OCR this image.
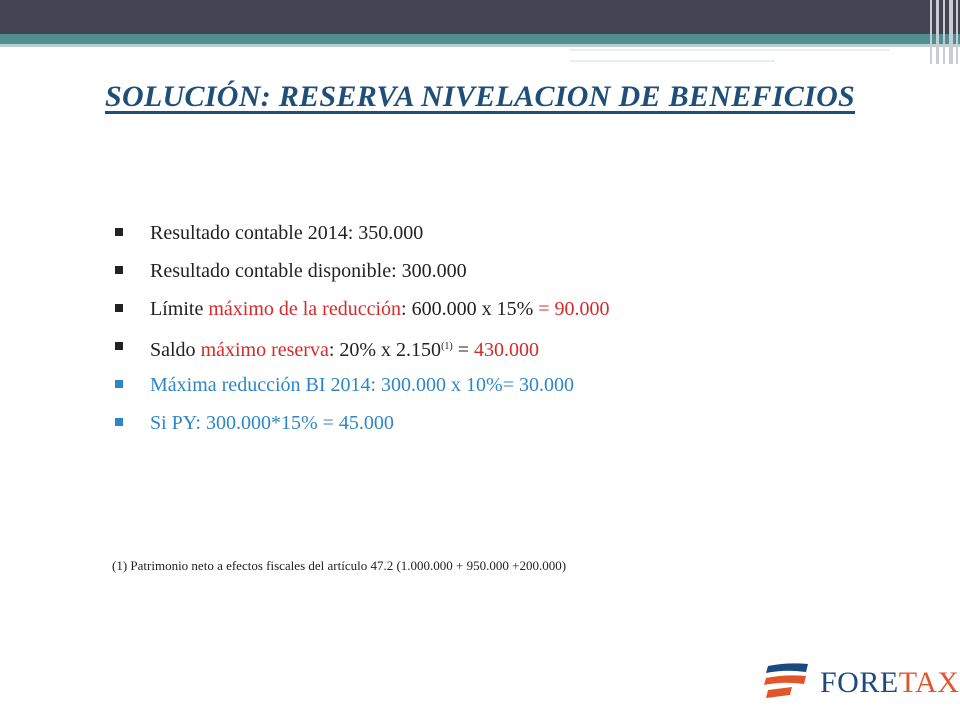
SOLUCIÓN: RESERVA NIVELACION DE BENEFICIOS
Resultado contable 2014: 350.000
Resultado contable disponible: 300.000
Límite máximo de la reducción: 600.000 x 15% = 90.000
Saldo máximo reserva: 20% x $2.150^{(1)} = 430.000$
Máxima reducción BI 2014: 300.000 x 10%= 30.000
Si PY: 300.000*15% = 45.000
(1) Patrimonio neto a efectos fiscales del artículo 47.2 (1.000.000 + 950.000 +200.000)
FORETAX
